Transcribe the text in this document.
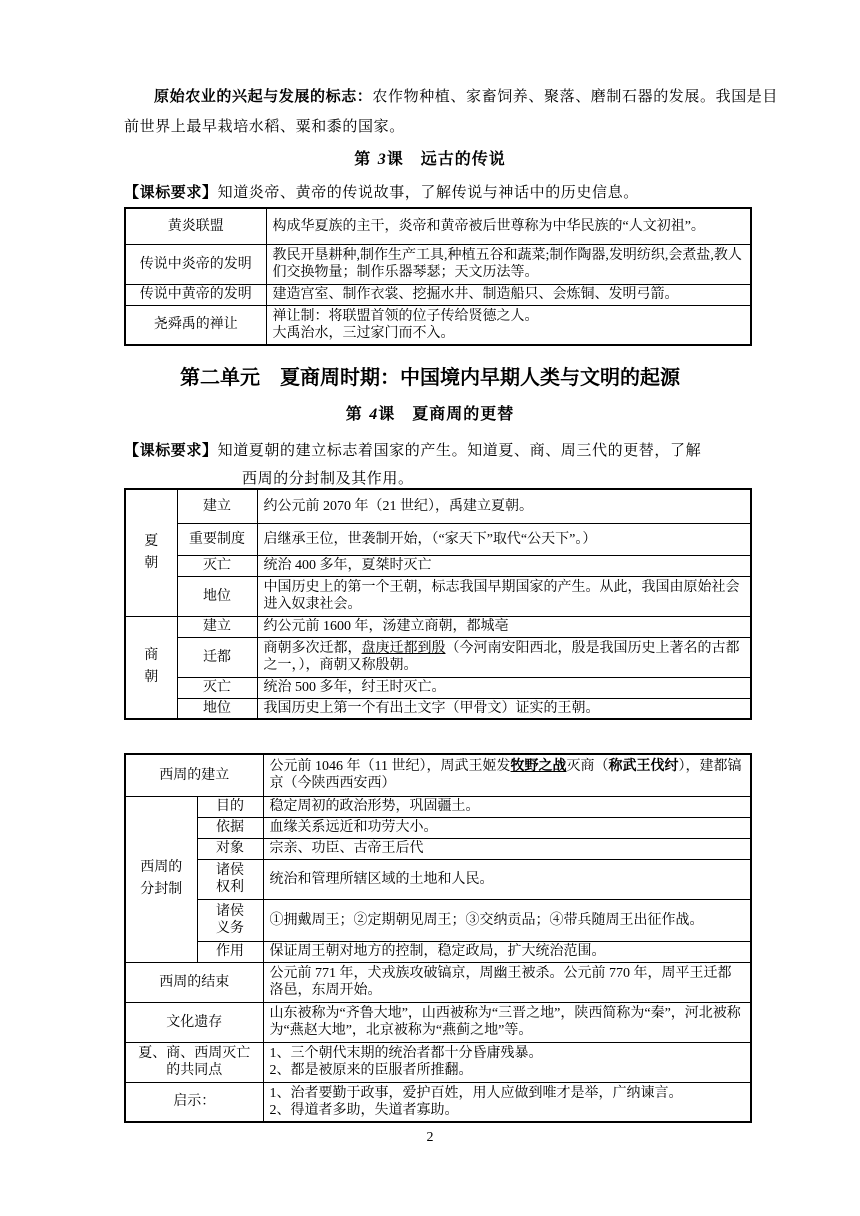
原始农业的兴起与发展的标志：农作物种植、家畜饲养、聚落、磨制石器的发展。我国是目前世界上最早栽培水稻、粟和黍的国家。
第 3课　远古的传说
【课标要求】知道炎帝、黄帝的传说故事，了解传说与神话中的历史信息。
黄炎联盟	构成华夏族的主干，炎帝和黄帝被后世尊称为中华民族的“人文初祖”。
传说中炎帝的发明	教民开垦耕种,制作生产工具,种植五谷和蔬菜;制作陶器,发明纺织,会煮盐,教人们交换物量；制作乐器琴瑟；天文历法等。
传说中黄帝的发明	建造宫室、制作衣裳、挖掘水井、制造船只、会炼铜、发明弓箭。
尧舜禹的禅让	禅让制：将联盟首领的位子传给贤德之人。
大禹治水，三过家门而不入。
第二单元　夏商周时期：中国境内早期人类与文明的起源
第 4课　夏商周的更替
【课标要求】知道夏朝的建立标志着国家的产生。知道夏、商、周三代的更替，了解
西周的分封制及其作用。
夏朝	建立	约公元前 2070 年（21 世纪），禹建立夏朝。
	重要制度	启继承王位，世袭制开始，（“家天下”取代“公天下”。）
	灭亡	统治 400 多年，夏桀时灭亡
	地位	中国历史上的第一个王朝，标志我国早期国家的产生。从此，我国由原始社会进入奴隶社会。

商朝	建立	约公元前 1600 年，汤建立商朝，都城亳
	迁都	商朝多次迁都，盘庚迁都到殷（今河南安阳西北，殷是我国历史上著名的古都之一，），商朝又称殷朝。
	灭亡	统治 500 多年，纣王时灭亡。
	地位	我国历史上第一个有出土文字（甲骨文）证实的王朝。
西周的建立		公元前 1046 年（11 世纪），周武王姬发牧野之战灭商（称武王伐纣），建都镐京（今陕西西安西）

西周的分封制	目的	稳定周初的政治形势，巩固疆土。
	依据	血缘关系远近和功劳大小。
	对象	宗亲、功臣、古帝王后代

	诸侯权利	统治和管理所辖区域的土地和人民。

	诸侯义务	①拥戴周王；②定期朝见周王；③交纳贡品；④带兵随周王出征作战。
	作用	保证周王朝对地方的控制，稳定政局，扩大统治范围。
西周的结束		公元前 771 年，犬戎族攻破镐京，周幽王被杀。公元前 770 年，周平王迁都洛邑，东周开始。
文化遗存		山东被称为“齐鲁大地”，山西被称为“三晋之地”，陕西简称为“秦”，河北被称为“燕赵大地”，北京被称为“燕蓟之地”等。

夏、商、西周灭亡的共同点		1、三个朝代末期的统治者都十分昏庸残暴。
2、都是被原来的臣服者所推翻。

启示：		1、治者要勤于政事，爱护百姓，用人应做到唯才是举，广纳谏言。
2、得道者多助，失道者寡助。
2
